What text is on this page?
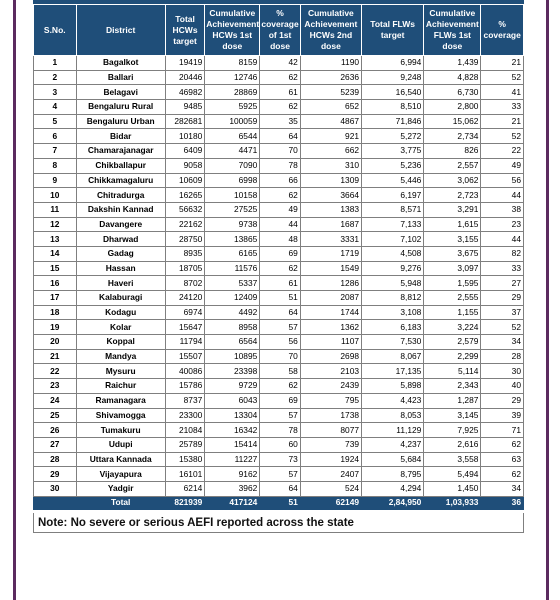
S.No.	District	Total HCWs target	Cumulative Achievement HCWs 1st dose	% coverage of 1st dose	Cumulative Achievement HCWs 2nd dose	Total FLWs target	Cumulative Achievement FLWs 1st dose	% coverage
1	Bagalkot	19419	8159	42	1190	6,994	1,439	21
2	Ballari	20446	12746	62	2636	9,248	4,828	52
3	Belagavi	46982	28869	61	5239	16,540	6,730	41
4	Bengaluru Rural	9485	5925	62	652	8,510	2,800	33
5	Bengaluru Urban	282681	100059	35	4867	71,846	15,062	21
6	Bidar	10180	6544	64	921	5,272	2,734	52
7	Chamarajanagar	6409	4471	70	662	3,775	826	22
8	Chikballapur	9058	7090	78	310	5,236	2,557	49
9	Chikkamagaluru	10609	6998	66	1309	5,446	3,062	56
10	Chitradurga	16265	10158	62	3664	6,197	2,723	44
11	Dakshin Kannad	56632	27525	49	1383	8,571	3,291	38
12	Davangere	22162	9738	44	1687	7,133	1,615	23
13	Dharwad	28750	13865	48	3331	7,102	3,155	44
14	Gadag	8935	6165	69	1719	4,508	3,675	82
15	Hassan	18705	11576	62	1549	9,276	3,097	33
16	Haveri	8702	5337	61	1286	5,948	1,595	27
17	Kalaburagi	24120	12409	51	2087	8,812	2,555	29
18	Kodagu	6974	4492	64	1744	3,108	1,155	37
19	Kolar	15647	8958	57	1362	6,183	3,224	52
20	Koppal	11794	6564	56	1107	7,530	2,579	34
21	Mandya	15507	10895	70	2698	8,067	2,299	28
22	Mysuru	40086	23398	58	2103	17,135	5,114	30
23	Raichur	15786	9729	62	2439	5,898	2,343	40
24	Ramanagara	8737	6043	69	795	4,423	1,287	29
25	Shivamogga	23300	13304	57	1738	8,053	3,145	39
26	Tumakuru	21084	16342	78	8077	11,129	7,925	71
27	Udupi	25789	15414	60	739	4,237	2,616	62
28	Uttara Kannada	15380	11227	73	1924	5,684	3,558	63
29	Vijayapura	16101	9162	57	2407	8,795	5,494	62
30	Yadgir	6214	3962	64	524	4,294	1,450	34
	Total	821939	417124	51	62149	2,84,950	1,03,933	36
Note: No severe or serious AEFI reported across the state
